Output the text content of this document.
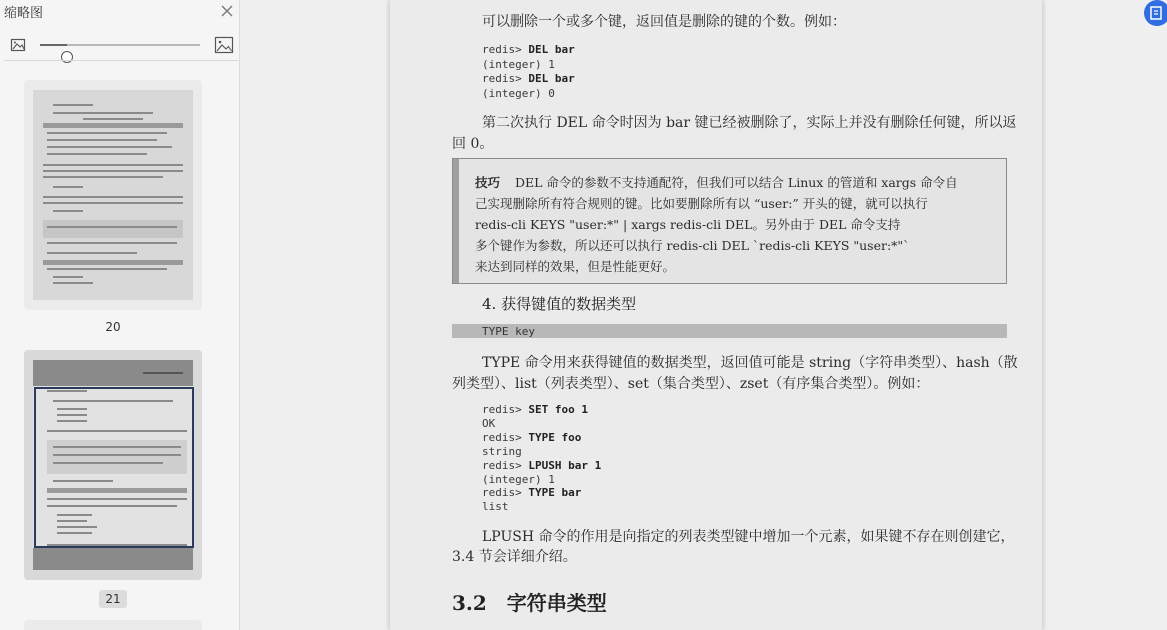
缩略图
20
21
可以删除一个或多个键，返回值是删除的键的个数。例如：
redis> DEL bar
(integer) 1
redis> DEL bar
(integer) 0
第二次执行 DEL 命令时因为 bar 键已经被删除了，实际上并没有删除任何键，所以返
回 0。
技巧 DEL 命令的参数不支持通配符，但我们可以结合 Linux 的管道和 xargs 命令自
己实现删除所有符合规则的键。比如要删除所有以 “user:” 开头的键，就可以执行
redis-cli KEYS "user:*" | xargs redis-cli DEL。另外由于 DEL 命令支持
多个键作为参数，所以还可以执行 redis-cli DEL `redis-cli KEYS "user:*"`
来达到同样的效果，但是性能更好。
4. 获得键值的数据类型
TYPE key
TYPE 命令用来获得键值的数据类型，返回值可能是 string（字符串类型）、hash（散
列类型）、list（列表类型）、set（集合类型）、zset（有序集合类型）。例如：
redis> SET foo 1
OK
redis> TYPE foo
string
redis> LPUSH bar 1
(integer) 1
redis> TYPE bar
list
LPUSH 命令的作用是向指定的列表类型键中增加一个元素，如果键不存在则创建它，
3.4 节会详细介绍。
3.2　字符串类型
